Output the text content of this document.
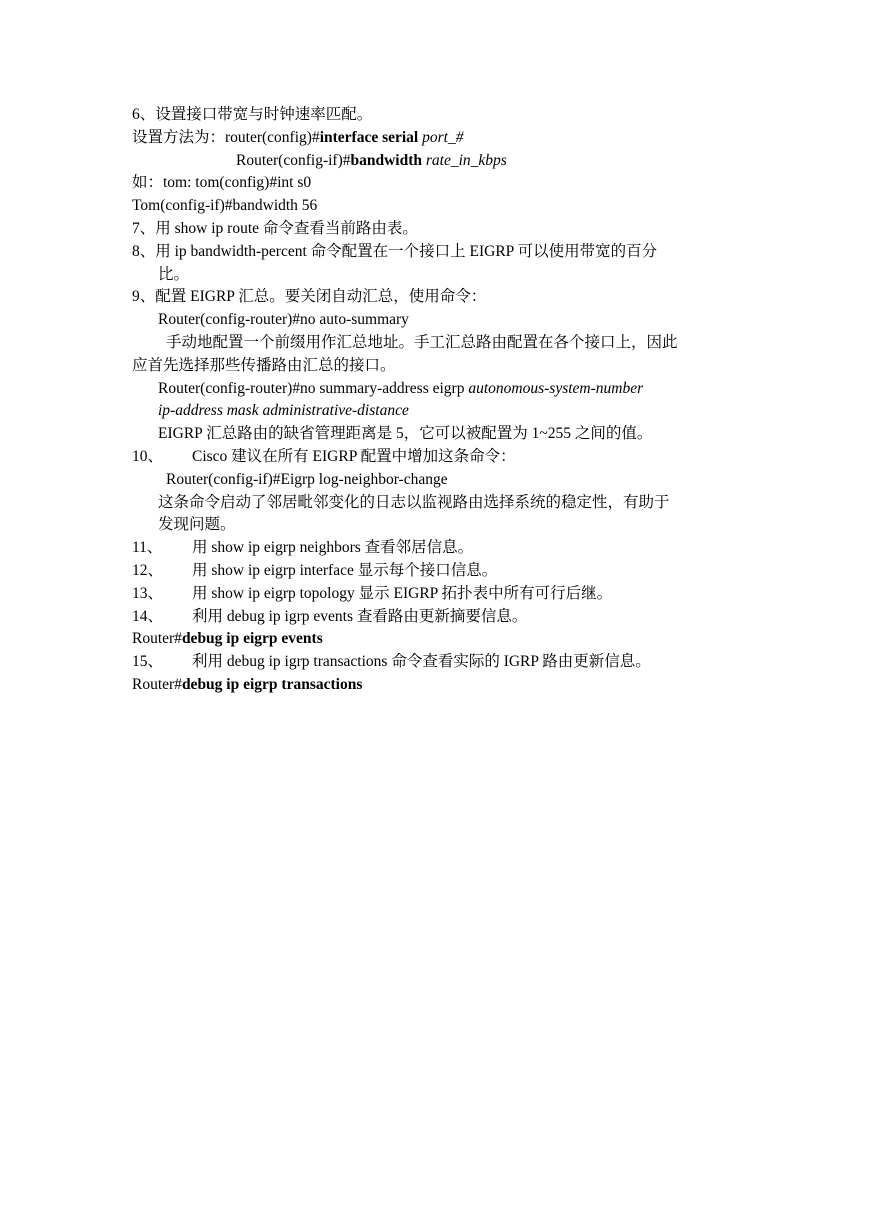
6、设置接口带宽与时钟速率匹配。
设置方法为：router(config)#interface serial port_#
Router(config-if)#bandwidth rate_in_kbps
如：tom: tom(config)#int s0
Tom(config-if)#bandwidth 56
7、用 show ip route 命令查看当前路由表。
8、用 ip bandwidth-percent 命令配置在一个接口上 EIGRP 可以使用带宽的百分
比。
9、配置 EIGRP 汇总。要关闭自动汇总，使用命令：
Router(config-router)#no auto-summary
手动地配置一个前缀用作汇总地址。手工汇总路由配置在各个接口上，因此
应首先选择那些传播路由汇总的接口。
Router(config-router)#no summary-address eigrp autonomous-system-number
ip-address mask administrative-distance
EIGRP 汇总路由的缺省管理距离是 5，它可以被配置为 1~255 之间的值。
10、 Cisco 建议在所有 EIGRP 配置中增加这条命令：
Router(config-if)#Eigrp log-neighbor-change
这条命令启动了邻居毗邻变化的日志以监视路由选择系统的稳定性，有助于
发现问题。
11、 用 show ip eigrp neighbors 查看邻居信息。
12、 用 show ip eigrp interface 显示每个接口信息。
13、 用 show ip eigrp topology 显示 EIGRP 拓扑表中所有可行后继。
14、 利用 debug ip igrp events 查看路由更新摘要信息。
Router#debug ip eigrp events
15、 利用 debug ip igrp transactions 命令查看实际的 IGRP 路由更新信息。
Router#debug ip eigrp transactions
